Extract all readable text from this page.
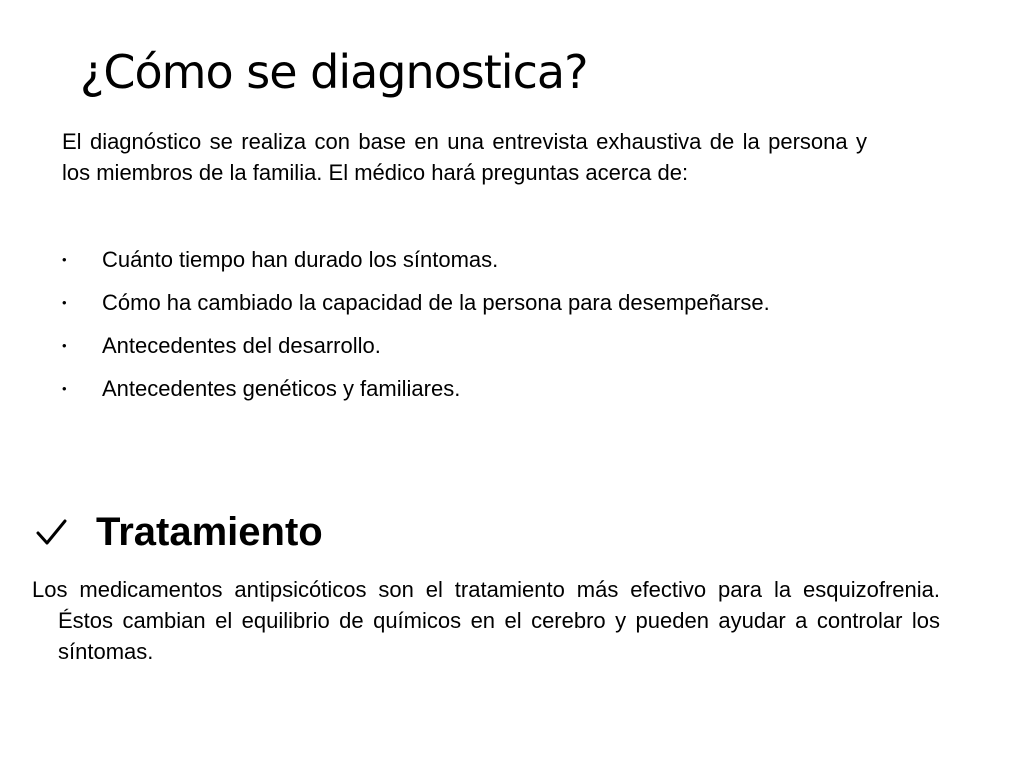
¿Cómo se diagnostica?

El diagnóstico se realiza con base en una entrevista exhaustiva de la persona y los miembros de la familia. El médico hará preguntas acerca de:

• Cuánto tiempo han durado los síntomas.
• Cómo ha cambiado la capacidad de la persona para desempeñarse.
• Antecedentes del desarrollo.
• Antecedentes genéticos y familiares.
Tratamiento

Los medicamentos antipsicóticos son el tratamiento más efectivo para la esquizofrenia. Éstos cambian el equilibrio de químicos en el cerebro y pueden ayudar a controlar los síntomas.
